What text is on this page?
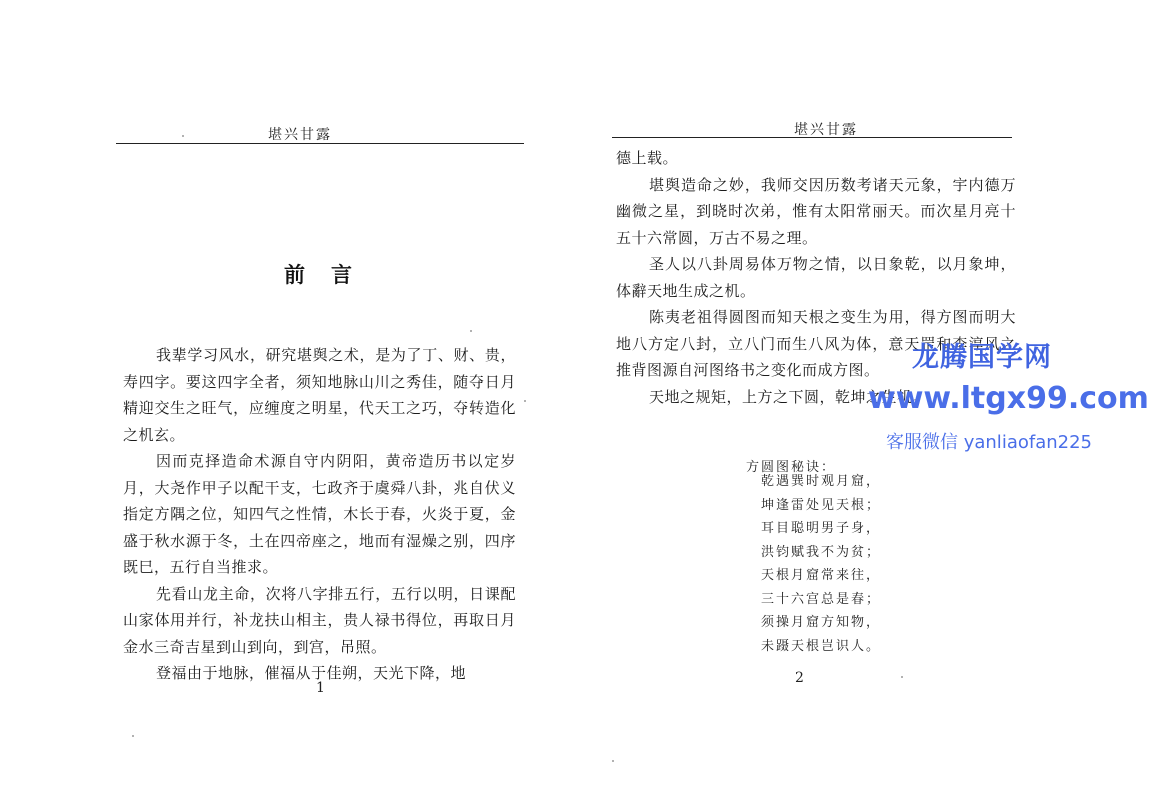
堪兴甘露
前 言

我辈学习风水，研究堪舆之术，是为了丁、财、贵，寿四字。要这四字全者，须知地脉山川之秀佳，随夺日月精迎交生之旺气，应缠度之明星，代天工之巧，夺转造化之机玄。

因而克择造命术源自守内阴阳，黄帝造历书以定岁月，大尧作甲子以配干支，七政齐于虞舜八卦，兆自伏义指定方隅之位，知四气之性情，木长于春，火炎于夏，金盛于秋水源于冬，土在四帝座之，地而有湿燥之别，四序既巳，五行自当推求。

先看山龙主命，次将八字排五行，五行以明，日课配山家体用并行，补龙扶山相主，贵人禄书得位，再取日月金水三奇吉星到山到向，到宫，吊照。

登福由于地脉，催福从于佳朔，天光下降，地

1
堪兴甘露

德上载。

堪舆造命之妙，我师交因历数考诸天元象，宇内德万幽微之星，到晓时次弟，惟有太阳常丽天。而次星月亮十五十六常圆，万古不易之理。

圣人以八卦周易体万物之情，以日象乾，以月象坤，体辭天地生成之机。

陈夷老祖得圆图而知天根之变生为用，得方图而明大地八方定八封，立八门而生八风为体，意天罡和李淳风之推背图源自河图络书之变化而成方图。

天地之规矩，上方之下圆，乾坤之生机。

方圆图秘诀：
乾遇巽时观月窟，
坤逢雷处见天根；
耳目聪明男子身，
洪钧赋我不为贫；
天根月窟常来往，
三十六宫总是春；
须操月窟方知物，
未蹑天根岂识人。
2
龙腾国学网
www.ltgx99.com
客服微信 yanliaofan225
